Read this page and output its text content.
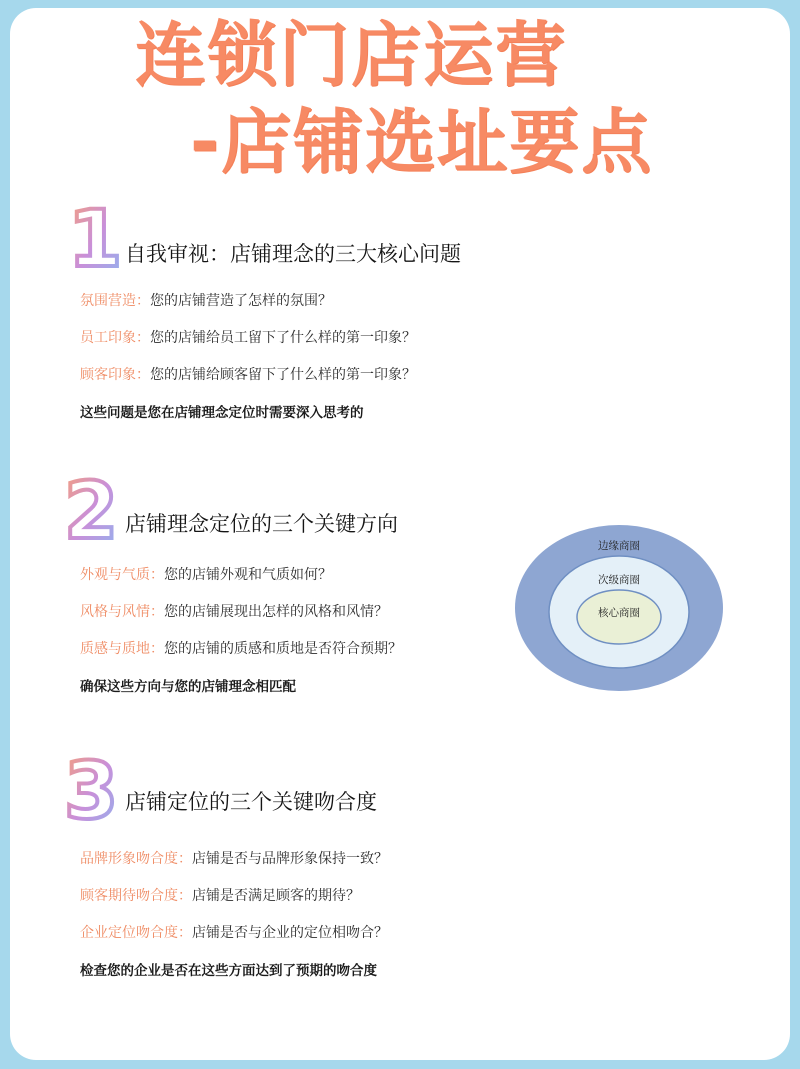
连锁门店运营
-店铺选址要点
1 自我审视：店铺理念的三大核心问题
氛围营造：您的店铺营造了怎样的氛围？
员工印象：您的店铺给员工留下了什么样的第一印象？
顾客印象：您的店铺给顾客留下了什么样的第一印象？
这些问题是您在店铺理念定位时需要深入思考的
2 店铺理念定位的三个关键方向
外观与气质：您的店铺外观和气质如何？
风格与风情：您的店铺展现出怎样的风格和风情？
质感与质地：您的店铺的质感和质地是否符合预期？
确保这些方向与您的店铺理念相匹配
3 店铺定位的三个关键吻合度
品牌形象吻合度：店铺是否与品牌形象保持一致？
顾客期待吻合度：店铺是否满足顾客的期待？
企业定位吻合度：店铺是否与企业的定位相吻合？
检查您的企业是否在这些方面达到了预期的吻合度
边缘商圈
次级商圈
核心商圈
